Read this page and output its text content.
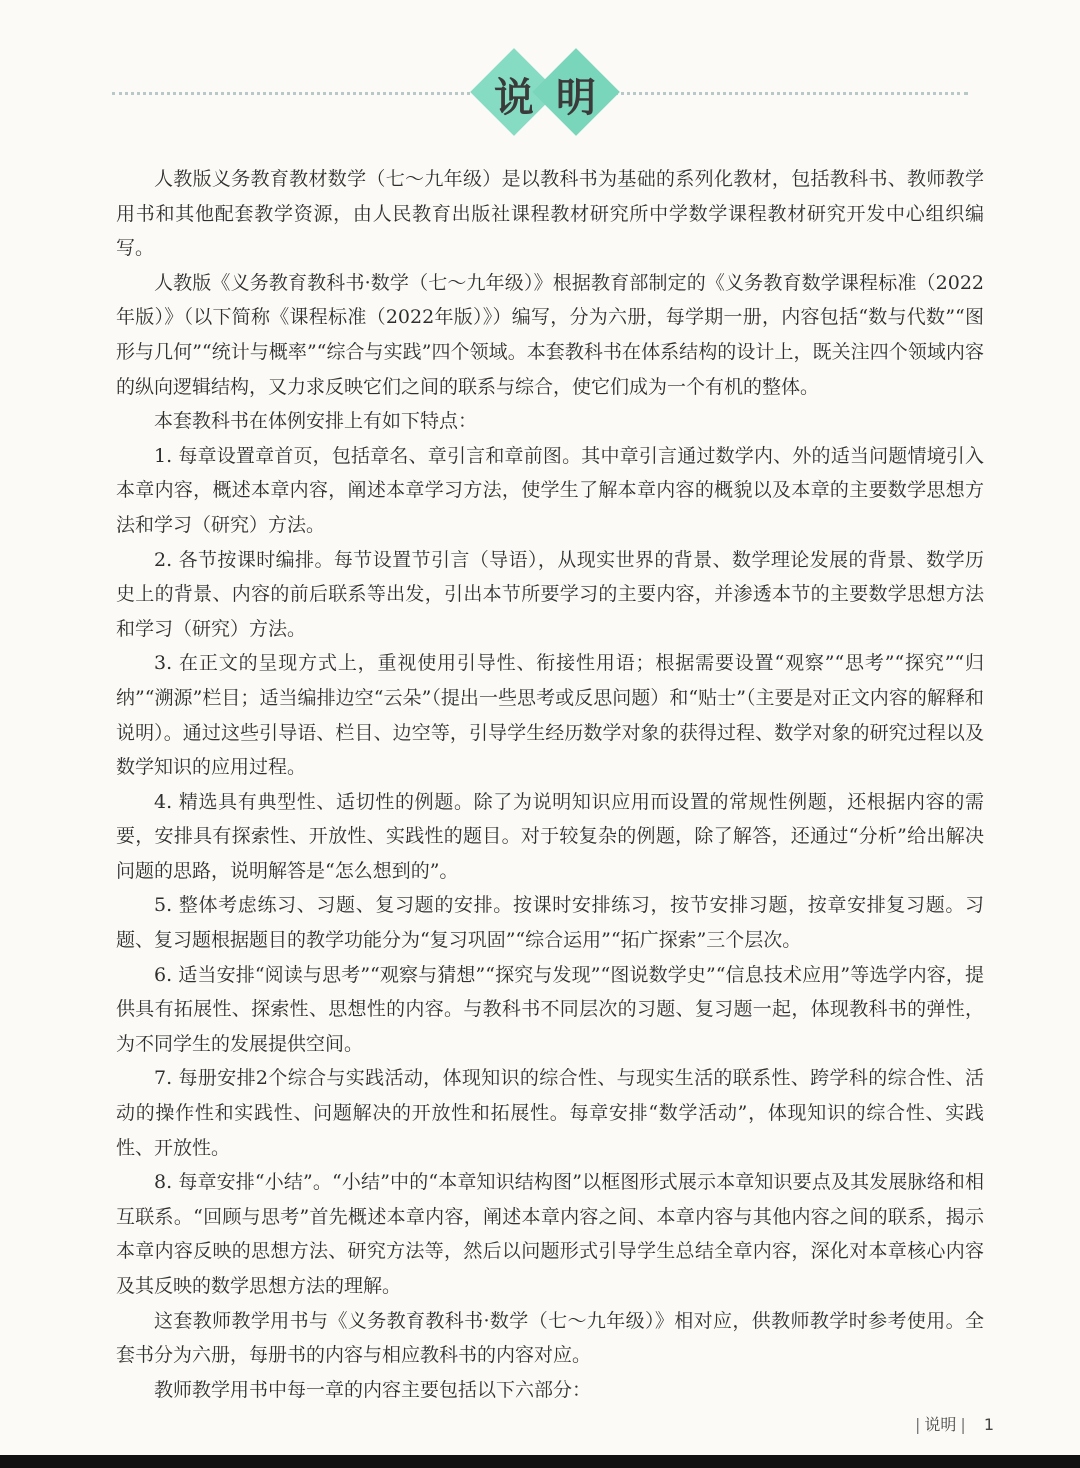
说 明

人教版义务教育教材数学（七～九年级）是以教科书为基础的系列化教材，包括教科书、教师教学用书和其他配套教学资源，由人民教育出版社课程教材研究所中学数学课程教材研究开发中心组织编写。

人教版《义务教育教科书·数学（七～九年级）》根据教育部制定的《义务教育数学课程标准（2022年版）》（以下简称《课程标准（2022年版）》）编写，分为六册，每学期一册，内容包括“数与代数”“图形与几何”“统计与概率”“综合与实践”四个领域。本套教科书在体系结构的设计上，既关注四个领域内容的纵向逻辑结构，又力求反映它们之间的联系与综合，使它们成为一个有机的整体。

本套教科书在体例安排上有如下特点：

1. 每章设置章首页，包括章名、章引言和章前图。其中章引言通过数学内、外的适当问题情境引入本章内容，概述本章内容，阐述本章学习方法，使学生了解本章内容的概貌以及本章的主要数学思想方法和学习（研究）方法。

2. 各节按课时编排。每节设置节引言（导语），从现实世界的背景、数学理论发展的背景、数学历史上的背景、内容的前后联系等出发，引出本节所要学习的主要内容，并渗透本节的主要数学思想方法和学习（研究）方法。

3. 在正文的呈现方式上，重视使用引导性、衔接性用语；根据需要设置“观察”“思考”“探究”“归纳”“溯源”栏目；适当编排边空“云朵”（提出一些思考或反思问题）和“贴士”（主要是对正文内容的解释和说明）。通过这些引导语、栏目、边空等，引导学生经历数学对象的获得过程、数学对象的研究过程以及数学知识的应用过程。

4. 精选具有典型性、适切性的例题。除了为说明知识应用而设置的常规性例题，还根据内容的需要，安排具有探索性、开放性、实践性的题目。对于较复杂的例题，除了解答，还通过“分析”给出解决问题的思路，说明解答是“怎么想到的”。

5. 整体考虑练习、习题、复习题的安排。按课时安排练习，按节安排习题，按章安排复习题。习题、复习题根据题目的教学功能分为“复习巩固”“综合运用”“拓广探索”三个层次。

6. 适当安排“阅读与思考”“观察与猜想”“探究与发现”“图说数学史”“信息技术应用”等选学内容，提供具有拓展性、探索性、思想性的内容。与教科书不同层次的习题、复习题一起，体现教科书的弹性，为不同学生的发展提供空间。

7. 每册安排2个综合与实践活动，体现知识的综合性、与现实生活的联系性、跨学科的综合性、活动的操作性和实践性、问题解决的开放性和拓展性。每章安排“数学活动”，体现知识的综合性、实践性、开放性。

8. 每章安排“小结”。“小结”中的“本章知识结构图”以框图形式展示本章知识要点及其发展脉络和相互联系。“回顾与思考”首先概述本章内容，阐述本章内容之间、本章内容与其他内容之间的联系，揭示本章内容反映的思想方法、研究方法等，然后以问题形式引导学生总结全章内容，深化对本章核心内容及其反映的数学思想方法的理解。

这套教师教学用书与《义务教育教科书·数学（七～九年级）》相对应，供教师教学时参考使用。全套书分为六册，每册书的内容与相应教科书的内容对应。

教师教学用书中每一章的内容主要包括以下六部分：

| 说明 | 1
